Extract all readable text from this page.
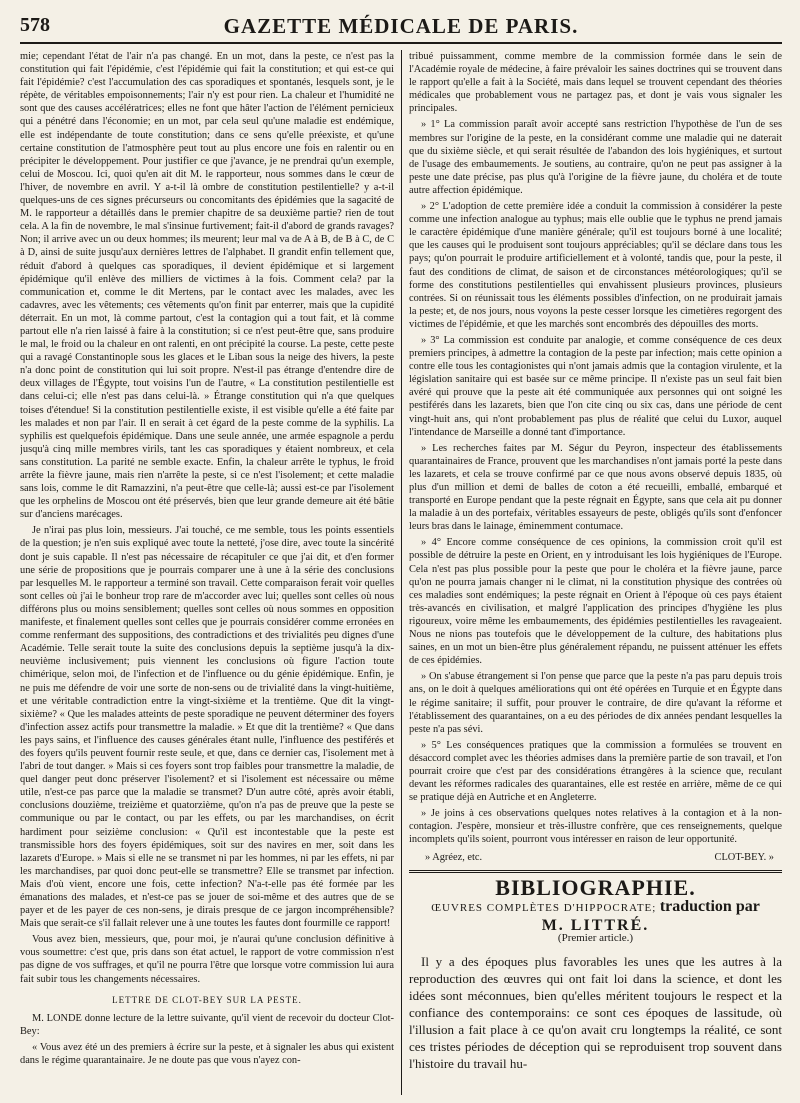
578	GAZETTE MÉDICALE DE PARIS.

mie; cependant l'état de l'air n'a pas changé. En un mot, dans la peste, ce n'est pas la constitution qui fait l'épidémie, c'est l'épidémie qui fait la constitution; et qui est-ce qui fait l'épidémie? c'est l'accumulation des cas sporadiques et spontanés, lesquels sont, je le répète, de véritables empoisonnements; l'air n'y est pour rien. La chaleur et l'humidité ne sont que des causes accélératrices; elles ne font que hâter l'action de l'élément pernicieux qui a pénétré dans l'économie; en un mot, par cela seul qu'une maladie est endémique, elle est indépendante de toute constitution; dans ce sens qu'elle préexiste, et qu'une certaine constitution de l'atmosphère peut tout au plus encore une fois en ralentir ou en précipiter le développement. Pour justifier ce que j'avance, je ne prendrai qu'un exemple, celui de Moscou. Ici, quoi qu'en ait dit M. le rapporteur, nous sommes dans le cœur de l'hiver, de novembre en avril. Y a-t-il là ombre de constitution pestilentielle? y a-t-il quelques-uns de ces signes précurseurs ou concomitants des épidémies que la sagacité de M. le rapporteur a détaillés dans le premier chapitre de sa deuxième partie? rien de tout cela. A la fin de novembre, le mal s'insinue furtivement; fait-il d'abord de grands ravages? Non; il arrive avec un ou deux hommes; ils meurent; leur mal va de A à B, de B à C, de C à D, ainsi de suite jusqu'aux dernières lettres de l'alphabet. Il grandit enfin tellement que, réduit d'abord à quelques cas sporadiques, il devient épidémique et si largement épidémique qu'il enlève des milliers de victimes à la fois. Comment cela? par la communication et, comme le dit Mertens, par le contact avec les malades, avec les cadavres, avec les vêtements; ces vêtements qu'on finit par enterrer, mais que la cupidité déterrait. En un mot, là comme partout, c'est la contagion qui a tout fait, et là comme partout elle n'a rien laissé à faire à la constitution; si ce n'est peut-être que, sans produire le mal, le froid ou la chaleur en ont ralenti, en ont précipité la course. La peste, cette peste qui a ravagé Constantinople sous les glaces et le Liban sous la neige des hivers, la peste n'a donc point de constitution qui lui soit propre. N'est-il pas étrange d'entendre dire de deux villages de l'Égypte, tout voisins l'un de l'autre, « La constitution pestilentielle est dans celui-ci; elle n'est pas dans celui-là. » Étrange constitution qui n'a que quelques toises d'étendue! Si la constitution pestilentielle existe, il est visible qu'elle a été faite par les malades et non par l'air. Il en serait à cet égard de la peste comme de la syphilis. La syphilis est quelquefois épidémique. Dans une seule année, une armée espagnole a perdu jusqu'à cinq mille membres virils, tant les cas sporadiques y étaient nombreux, et cela sans constitution. La parité ne semble exacte. Enfin, la chaleur arrête le typhus, le froid arrête la fièvre jaune, mais rien n'arrête la peste, si ce n'est l'isolement; et cette maladie sans lois, comme le dit Ramazzini, n'a peut-être que celle-là; aussi est-ce par l'isolement que les orphelins de Moscou ont été préservés, bien que leur grande demeure ait été bâtie sur d'anciens marécages.

Je n'irai pas plus loin, messieurs. J'ai touché, ce me semble, tous les points essentiels de la question; je n'en suis expliqué avec toute la netteté, j'ose dire, avec toute la sincérité dont je suis capable. Il n'est pas nécessaire de récapituler ce que j'ai dit, et d'en former une série de propositions que je pourrais comparer une à une à la série des conclusions par lesquelles M. le rapporteur a terminé son travail. Cette comparaison ferait voir quelles sont celles où j'ai le bonheur trop rare de m'accorder avec lui; quelles sont celles où nous différons plus ou moins sensiblement; quelles sont celles où nous sommes en opposition manifeste, et finalement quelles sont celles que je pourrais considérer comme erronées en comme renfermant des suppositions, des contradictions et des trivialités peu dignes d'une Académie. Telle serait toute la suite des conclusions depuis la septième jusqu'à la dix-neuvième inclusivement; puis viennent les conclusions où figure l'action toute chimérique, selon moi, de l'infection et de l'influence ou du génie épidémique. Enfin, je ne puis me défendre de voir une sorte de non-sens ou de trivialité dans la vingt-huitième, et une véritable contradiction entre la vingt-sixième et la trentième. Que dit la vingt-sixième? « Que les malades atteints de peste sporadique ne peuvent déterminer des foyers d'infection assez actifs pour transmettre la maladie. » Et que dit la trentième? « Que dans les pays sains, et l'influence des causes générales étant nulle, l'influence des pestiférés et des foyers qu'ils peuvent fournir reste seule, et que, dans ce dernier cas, l'isolement met à l'abri de tout danger. » Mais si ces foyers sont trop faibles pour transmettre la maladie, de quel danger peut donc préserver l'isolement? et si l'isolement est nécessaire ou même utile, n'est-ce pas parce que la maladie se transmet? D'un autre côté, après avoir établi, conclusions douzième, treizième et quatorzième, qu'on n'a pas de preuve que la peste se communique ou par le contact, ou par les effets, ou par les marchandises, on écrit hardiment pour seizième conclusion: « Qu'il est incontestable que la peste est transmissible hors des foyers épidémiques, soit sur des navires en mer, soit dans les lazarets d'Europe. » Mais si elle ne se transmet ni par les hommes, ni par les effets, ni par les marchandises, par quoi donc peut-elle se transmettre? Elle se transmet par infection. Mais d'où vient, encore une fois, cette infection? N'a-t-elle pas été formée par les émanations des malades, et n'est-ce pas se jouer de soi-même et des autres que de se payer et de les payer de ces non-sens, je dirais presque de ce jargon incompréhensible? Mais que serait-ce s'il fallait relever une à une toutes les fautes dont fourmille ce rapport!

Vous avez bien, messieurs, que, pour moi, je n'aurai qu'une conclusion définitive à vous soumettre: c'est que, pris dans son état actuel, le rapport de votre commission n'est pas digne de vos suffrages, et qu'il ne pourra l'être que lorsque votre commission lui aura fait subir tous les changements nécessaires.

LETTRE DE CLOT-BEY SUR LA PESTE.

M. LONDE donne lecture de la lettre suivante, qu'il vient de recevoir du docteur Clot-Bey:

« Vous avez été un des premiers à écrire sur la peste, et à signaler les abus qui existent dans le régime quarantainaire. Je ne doute pas que vous n'ayez con-

tribué puissamment, comme membre de la commission formée dans le sein de l'Académie royale de médecine, à faire prévaloir les saines doctrines qui se trouvent dans le rapport qu'elle a fait à la Société, mais dans lequel se trouvent cependant des théories médicales que probablement vous ne partagez pas, et dont je vais vous signaler les principales.

» 1° La commission paraît avoir accepté sans restriction l'hypothèse de l'un de ses membres sur l'origine de la peste, en la considérant comme une maladie qui ne daterait que du sixième siècle, et qui serait résultée de l'abandon des lois hygiéniques, et surtout de l'usage des embaumements. Je soutiens, au contraire, qu'on ne peut pas assigner à la peste une date précise, pas plus qu'à l'origine de la fièvre jaune, du choléra et de toute autre affection épidémique.

» 2° L'adoption de cette première idée a conduit la commission à considérer la peste comme une infection analogue au typhus; mais elle oublie que le typhus ne prend jamais le caractère épidémique d'une manière générale; qu'il est toujours borné à une localité; que les causes qui le produisent sont toujours appréciables; qu'il se déclare dans tous les pays; qu'on pourrait le produire artificiellement et à volonté, tandis que, pour la peste, il faut des conditions de climat, de saison et de circonstances météorologiques; qu'il se forme des constitutions pestilentielles qui envahissent plusieurs provinces, plusieurs contrées. Si on réunissait tous les éléments possibles d'infection, on ne produirait jamais la peste; et, de nos jours, nous voyons la peste cesser lorsque les cimetières regorgent des victimes de l'épidémie, et que les marchés sont encombrés des dépouilles des morts.

» 3° La commission est conduite par analogie, et comme conséquence de ces deux premiers principes, à admettre la contagion de la peste par infection; mais cette opinion a contre elle tous les contagionistes qui n'ont jamais admis que la contagion virulente, et la législation sanitaire qui est basée sur ce même principe. Il n'existe pas un seul fait bien avéré qui prouve que la peste ait été communiquée aux personnes qui ont soigné les pestiférés dans les lazarets, bien que l'on cite cinq ou six cas, dans une période de cent vingt-huit ans, qui n'ont probablement pas plus de réalité que celui du Luxor, auquel l'intendance de Marseille a donné tant d'importance.

» Les recherches faites par M. Ségur du Peyron, inspecteur des établissements quarantainaires de France, prouvent que les marchandises n'ont jamais porté la peste dans les lazarets, et cela se trouve confirmé par ce que nous avons observé depuis 1835, où plus d'un million et demi de balles de coton a été recueilli, emballé, embarqué et transporté en Europe pendant que la peste régnait en Égypte, sans que cela ait pu donner la maladie à un des portefaix, véritables essayeurs de peste, obligés qu'ils sont d'enfoncer leurs bras dans le lainage, éminemment contumace.

» 4° Encore comme conséquence de ces opinions, la commission croit qu'il est possible de détruire la peste en Orient, en y introduisant les lois hygiéniques de l'Europe. Cela n'est pas plus possible pour la peste que pour le choléra et la fièvre jaune, parce qu'on ne pourra jamais changer ni le climat, ni la constitution physique des contrées où ces maladies sont endémiques; la peste régnait en Orient à l'époque où ces pays étaient très-avancés en civilisation, et malgré l'application des principes d'hygiène les plus rigoureux, voire même les embaumements, des épidémies pestilentielles les ravageaient. Nous ne nions pas toutefois que le développement de la culture, des habitations plus saines, en un mot un bien-être plus généralement répandu, ne puissent atténuer les effets de ces épidémies.

» On s'abuse étrangement si l'on pense que parce que la peste n'a pas paru depuis trois ans, on le doit à quelques améliorations qui ont été opérées en Turquie et en Égypte dans le régime sanitaire; il suffit, pour prouver le contraire, de dire qu'avant la réforme et l'établissement des quarantaines, on a eu des périodes de dix années pendant lesquelles la peste n'a pas sévi.

» 5° Les conséquences pratiques que la commission a formulées se trouvent en désaccord complet avec les théories admises dans la première partie de son travail, et l'on pourrait croire que c'est par des considérations étrangères à la science que, reculant devant les réformes radicales des quarantaines, elle est restée en arrière, même de ce qui se pratique déjà en Autriche et en Angleterre.

» Je joins à ces observations quelques notes relatives à la contagion et à la non-contagion. J'espère, monsieur et très-illustre confrère, que ces renseignements, quelque incomplets qu'ils soient, pourront vous intéresser en raison de leur opportunité.

» Agréez, etc.	CLOT-BEY. »
BIBLIOGRAPHIE.
ŒUVRES COMPLÈTES D'HIPPOCRATE; traduction par
M. LITTRÉ.
(Premier article.)

Il y a des époques plus favorables les unes que les autres à la reproduction des œuvres qui ont fait loi dans la science, et dont les idées sont méconnues, bien qu'elles méritent toujours le respect et la confiance des contemporains: ce sont ces époques de lassitude, où l'illusion a fait place à ce qu'on avait cru longtemps la réalité, ce sont ces tristes périodes de déception qui se reproduisent trop souvent dans l'histoire du travail hu-
